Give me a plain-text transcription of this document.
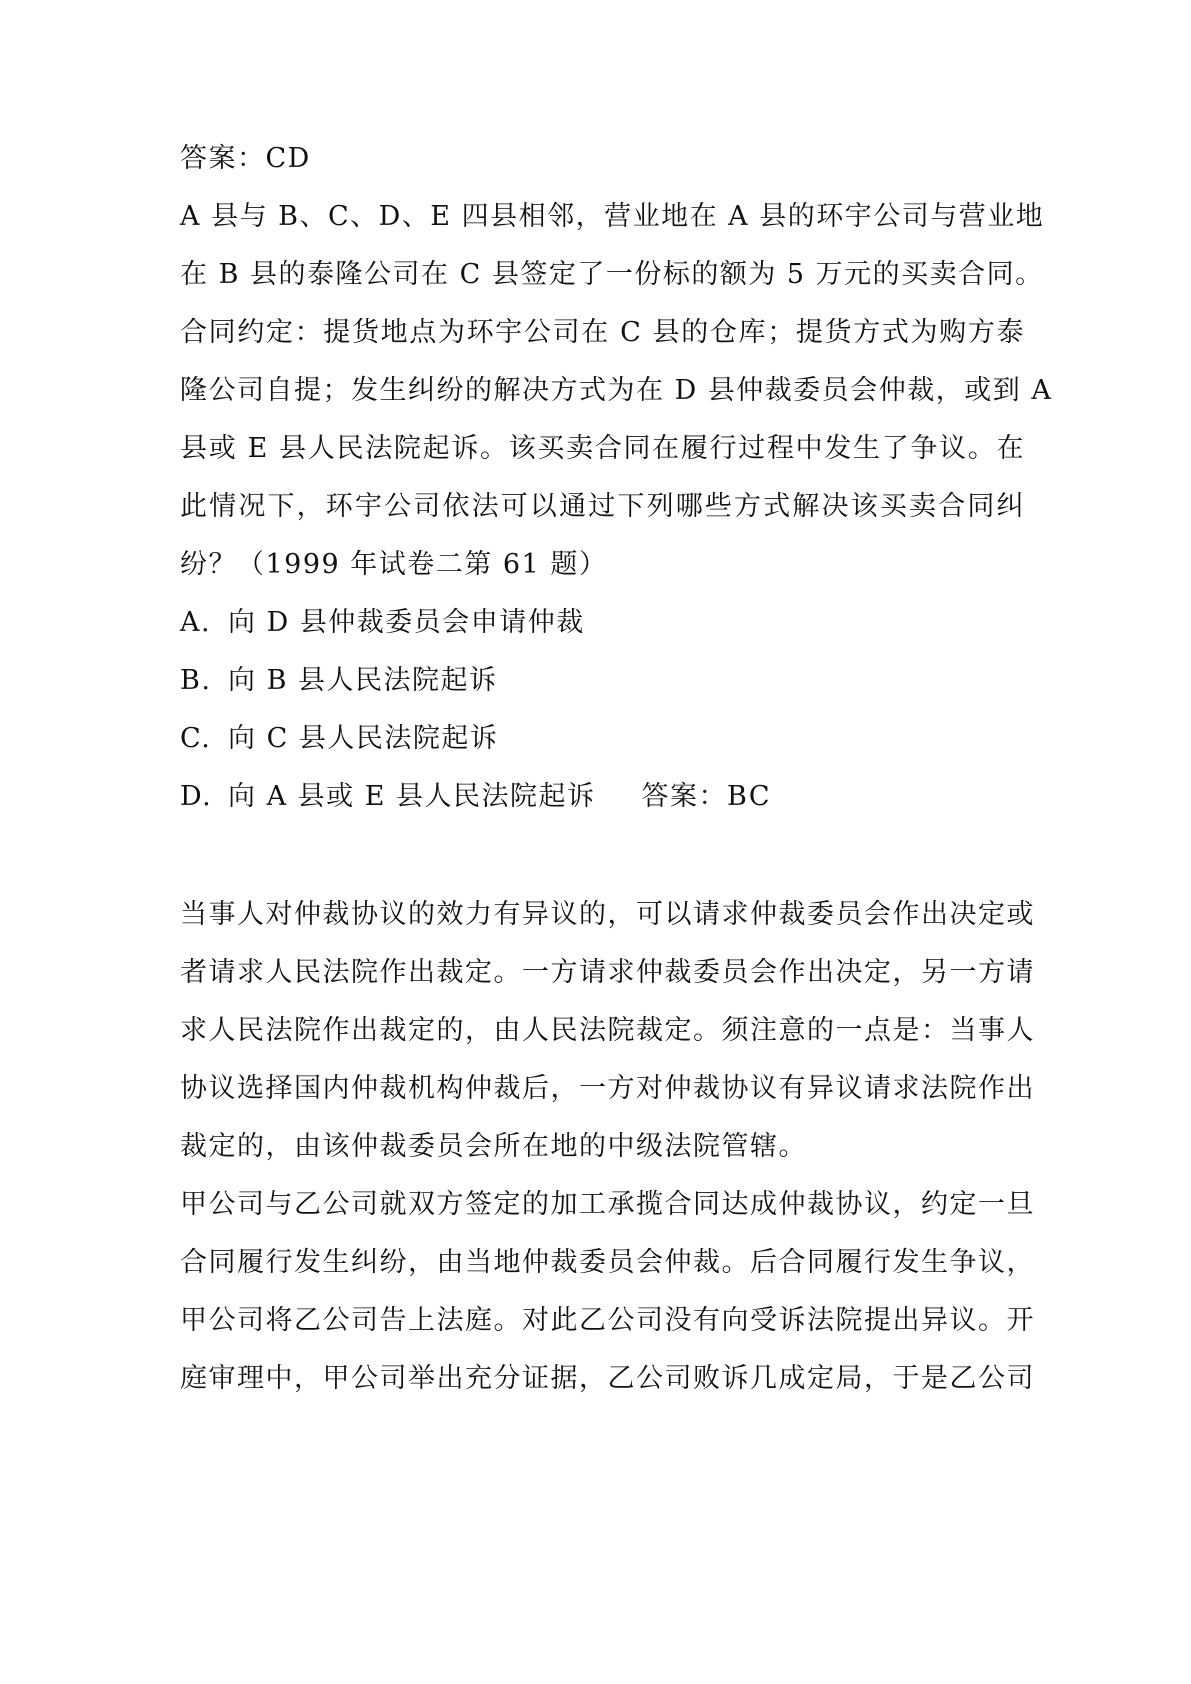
答案：CD
A 县与 B、C、D、E 四县相邻，营业地在 A 县的环宇公司与营业地
在 B 县的泰隆公司在 C 县签定了一份标的额为 5 万元的买卖合同。
合同约定：提货地点为环宇公司在 C 县的仓库；提货方式为购方泰
隆公司自提；发生纠纷的解决方式为在 D 县仲裁委员会仲裁，或到 A
县或 E 县人民法院起诉。该买卖合同在履行过程中发生了争议。在
此情况下，环宇公司依法可以通过下列哪些方式解决该买卖合同纠
纷？（1999 年试卷二第 61 题）
A. 向 D 县仲裁委员会申请仲裁
B. 向 B 县人民法院起诉
C. 向 C 县人民法院起诉
D. 向 A 县或 E 县人民法院起诉 答案：BC
当事人对仲裁协议的效力有异议的，可以请求仲裁委员会作出决定或
者请求人民法院作出裁定。一方请求仲裁委员会作出决定，另一方请
求人民法院作出裁定的，由人民法院裁定。须注意的一点是：当事人
协议选择国内仲裁机构仲裁后，一方对仲裁协议有异议请求法院作出
裁定的，由该仲裁委员会所在地的中级法院管辖。
甲公司与乙公司就双方签定的加工承揽合同达成仲裁协议，约定一旦
合同履行发生纠纷，由当地仲裁委员会仲裁。后合同履行发生争议，
甲公司将乙公司告上法庭。对此乙公司没有向受诉法院提出异议。开
庭审理中，甲公司举出充分证据，乙公司败诉几成定局，于是乙公司
